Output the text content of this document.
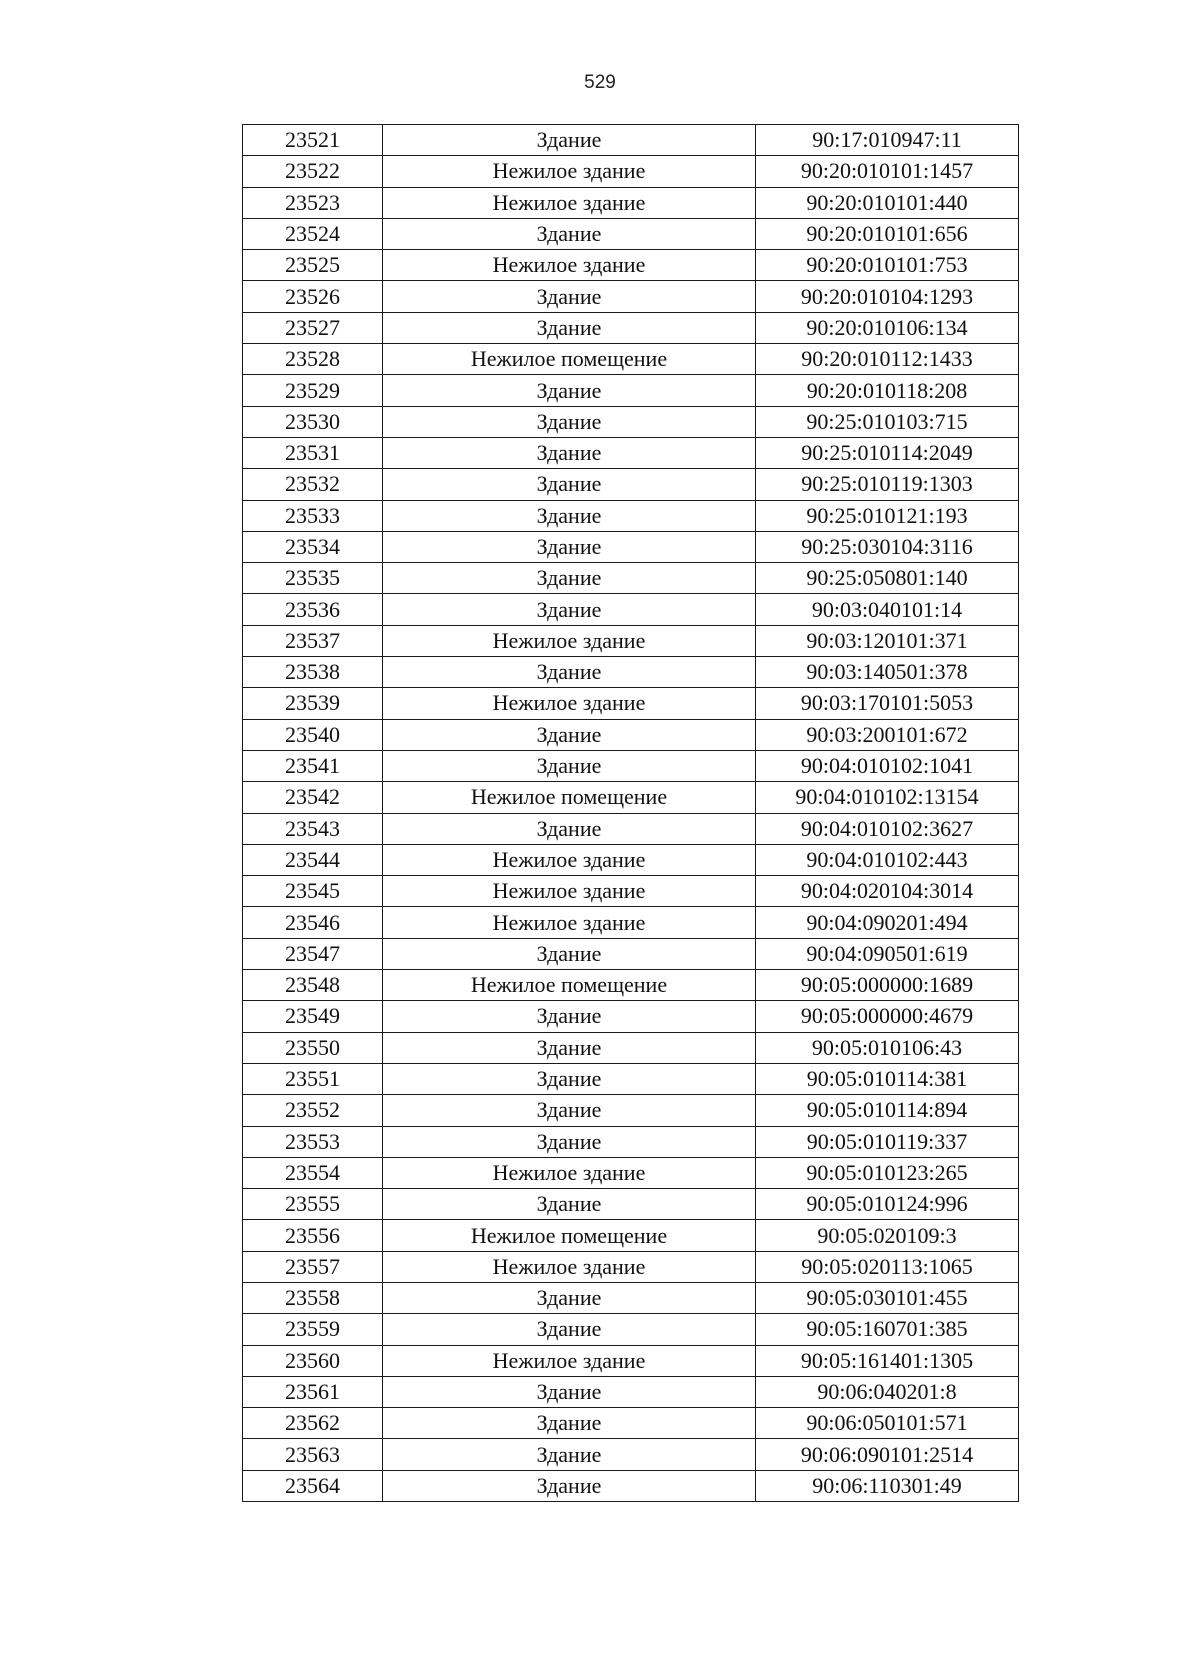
529
23521	Здание	90:17:010947:11
23522	Нежилое здание	90:20:010101:1457
23523	Нежилое здание	90:20:010101:440
23524	Здание	90:20:010101:656
23525	Нежилое здание	90:20:010101:753
23526	Здание	90:20:010104:1293
23527	Здание	90:20:010106:134
23528	Нежилое помещение	90:20:010112:1433
23529	Здание	90:20:010118:208
23530	Здание	90:25:010103:715
23531	Здание	90:25:010114:2049
23532	Здание	90:25:010119:1303
23533	Здание	90:25:010121:193
23534	Здание	90:25:030104:3116
23535	Здание	90:25:050801:140
23536	Здание	90:03:040101:14
23537	Нежилое здание	90:03:120101:371
23538	Здание	90:03:140501:378
23539	Нежилое здание	90:03:170101:5053
23540	Здание	90:03:200101:672
23541	Здание	90:04:010102:1041
23542	Нежилое помещение	90:04:010102:13154
23543	Здание	90:04:010102:3627
23544	Нежилое здание	90:04:010102:443
23545	Нежилое здание	90:04:020104:3014
23546	Нежилое здание	90:04:090201:494
23547	Здание	90:04:090501:619
23548	Нежилое помещение	90:05:000000:1689
23549	Здание	90:05:000000:4679
23550	Здание	90:05:010106:43
23551	Здание	90:05:010114:381
23552	Здание	90:05:010114:894
23553	Здание	90:05:010119:337
23554	Нежилое здание	90:05:010123:265
23555	Здание	90:05:010124:996
23556	Нежилое помещение	90:05:020109:3
23557	Нежилое здание	90:05:020113:1065
23558	Здание	90:05:030101:455
23559	Здание	90:05:160701:385
23560	Нежилое здание	90:05:161401:1305
23561	Здание	90:06:040201:8
23562	Здание	90:06:050101:571
23563	Здание	90:06:090101:2514
23564	Здание	90:06:110301:49
